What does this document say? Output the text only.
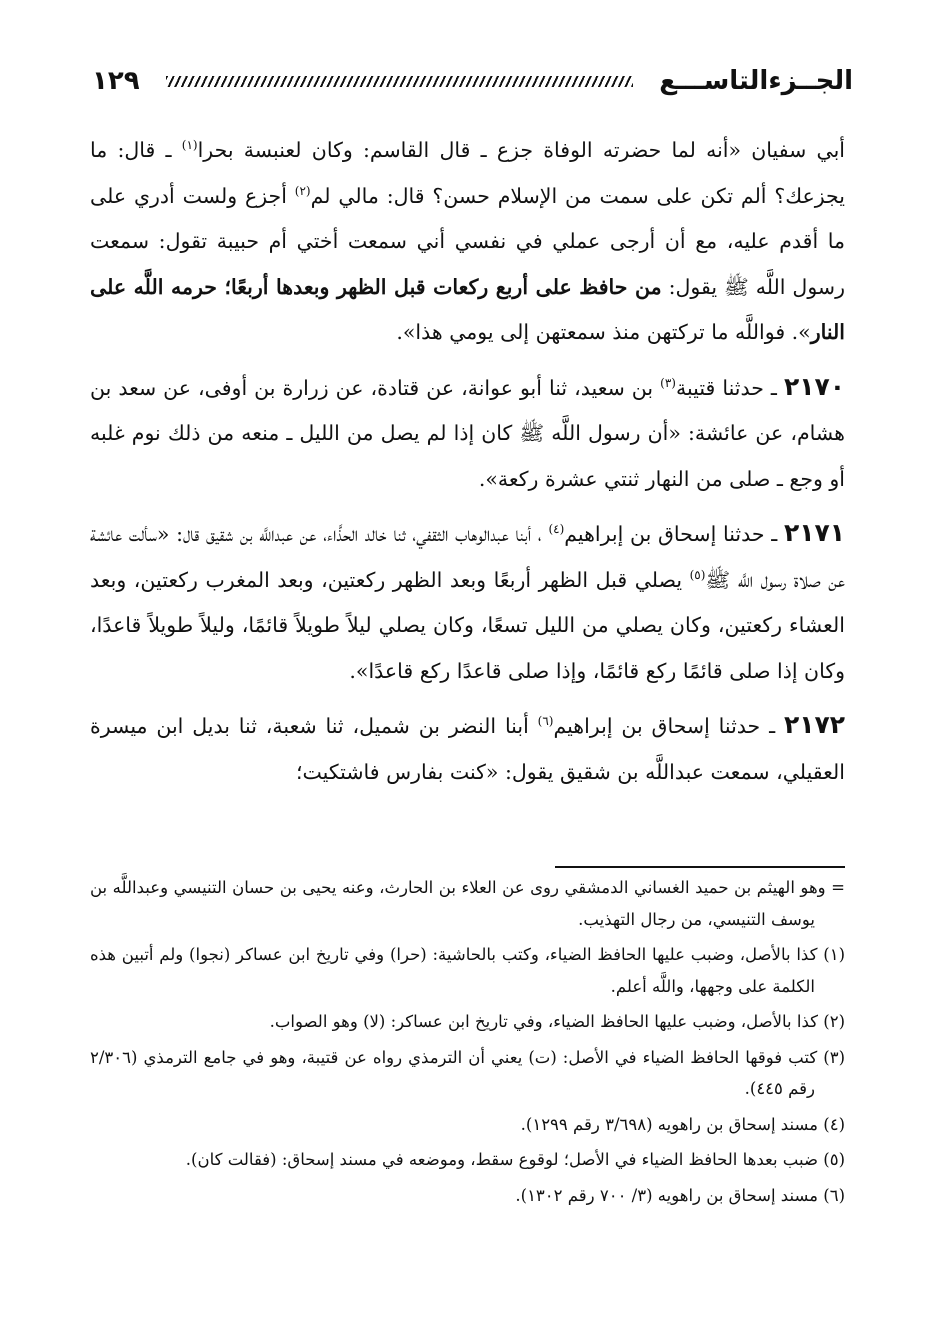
الجــزءالتاســـع
١٢٩

أبي سفيان «أنه لما حضرته الوفاة جزع ـ قال القاسم: وكان لعنبسة بحرا$^{(١)}$ ـ قال: ما يجزعك؟ ألم تكن على سمت من الإسلام حسن؟ قال: مالي لم$^{(٢)}$ أجزع ولست أدري على ما أقدم عليه، مع أن أرجى عملي في نفسي أني سمعت أختي أم حبيبة تقول: سمعت رسول اللَّه ﷺ يقول: من حافظ على أربع ركعات قبل الظهر وبعدها أربعًا؛ حرمه اللَّه على النار». فواللَّه ما تركتهن منذ سمعتهن إلى يومي هذا».

٢١٧٠ ـ حدثنا قتيبة$^{(٣)}$ بن سعيد، ثنا أبو عوانة، عن قتادة، عن زرارة بن أوفى، عن سعد بن هشام، عن عائشة: «أن رسول اللَّه ﷺ كان إذا لم يصل من الليل ـ منعه من ذلك نوم غلبه أو وجع ـ صلى من النهار ثنتي عشرة ركعة».

٢١٧١ ـ حدثنا إسحاق بن إبراهيم$^{(٤)}$ ، أبنا عبدالوهاب الثقفي، ثنا خالد الحذَّاء، عن عبداللَّه بن شقيق قال: «سألت عائشة عن صلاة رسول اللَّه ﷺ$^{(٥)}$ يصلي قبل الظهر أربعًا وبعد الظهر ركعتين، وبعد المغرب ركعتين، وبعد العشاء ركعتين، وكان يصلي من الليل تسعًا، وكان يصلي ليلاً طويلاً قائمًا، وليلاً طويلاً قاعدًا، وكان إذا صلى قائمًا ركع قائمًا، وإذا صلى قاعدًا ركع قاعدًا».

٢١٧٢ ـ حدثنا إسحاق بن إبراهيم$^{(٦)}$ أبنا النضر بن شميل، ثنا شعبة، ثنا بديل ابن ميسرة العقيلي، سمعت عبداللَّه بن شقيق يقول: «كنت بفارس فاشتكيت؛

= وهو الهيثم بن حميد الغساني الدمشقي روى عن العلاء بن الحارث، وعنه يحيى بن حسان التنيسي وعبداللَّه بن يوسف التنيسي، من رجال التهذيب.

(١) كذا بالأصل، وضبب عليها الحافظ الضياء، وكتب بالحاشية: (حرا) وفي تاريخ ابن عساكر (نجوا) ولم أتبين هذه الكلمة على وجهها، واللَّه أعلم.

(٢) كذا بالأصل، وضبب عليها الحافظ الضياء، وفي تاريخ ابن عساكر: (لا) وهو الصواب.

(٣) كتب فوقها الحافظ الضياء في الأصل: (ت) يعني أن الترمذي رواه عن قتيبة، وهو في جامع الترمذي (٢/٣٠٦ رقم ٤٤٥).

(٤) مسند إسحاق بن راهويه (٣/٦٩٨ رقم ١٢٩٩).

(٥) ضبب بعدها الحافظ الضياء في الأصل؛ لوقوع سقط، وموضعه في مسند إسحاق: (فقالت كان).

(٦) مسند إسحاق بن راهويه (٣/ ٧٠٠ رقم ١٣٠٢).
